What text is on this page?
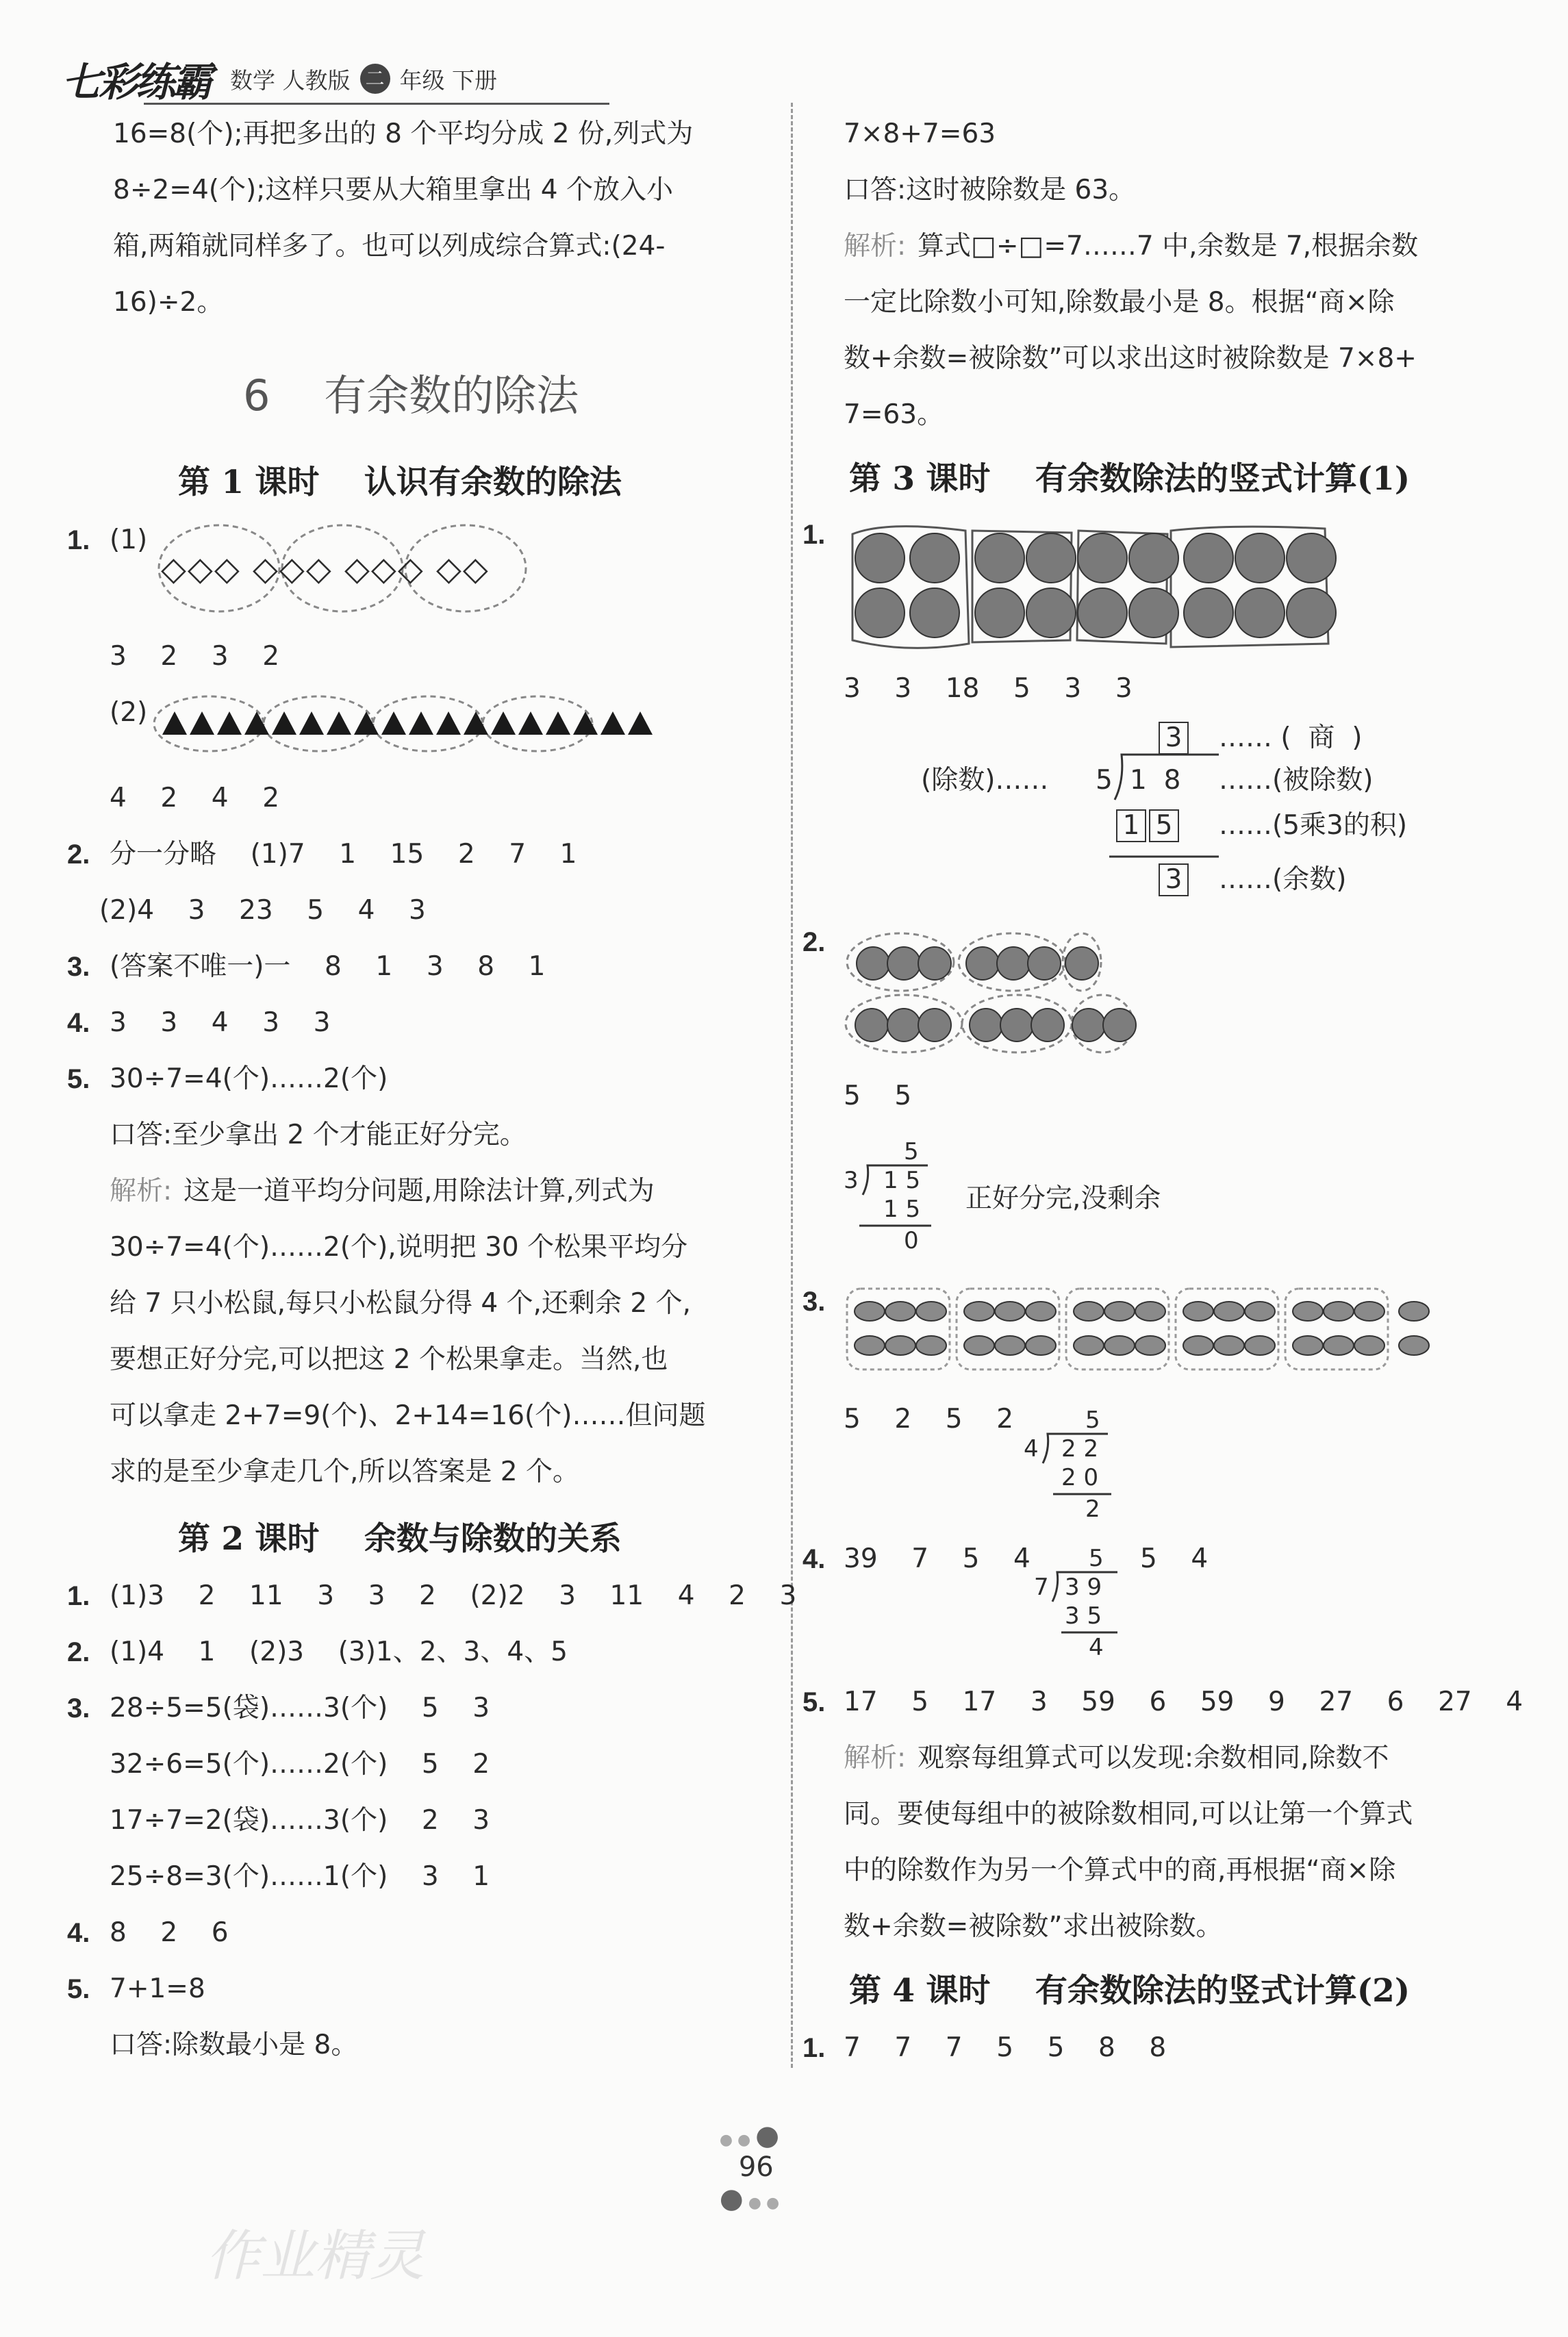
七彩练霸 数学 人教版 二 年级 下册
16=8(个);再把多出的 8 个平均分成 2 份,列式为
8÷2=4(个);这样只要从大箱里拿出 4 个放入小
箱,两箱就同样多了。也可以列成综合算式:(24-
16)÷2。
6    有余数的除法
第 1 课时    认识有余数的除法
1. (1)
◇◇◇ ◇◇◇ ◇◇◇ ◇◇
3    2    3    2
(2)
4    2    4    2
2. 分一分略    (1)7    1    15    2    7    1
(2)4    3    23    5    4    3
3. (答案不唯一)一    8    1    3    8    1
4. 3    3    4    3    3
5. 30÷7=4(个)……2(个)
口答:至少拿出 2 个才能正好分完。
解析: 这是一道平均分问题,用除法计算,列式为
30÷7=4(个)……2(个),说明把 30 个松果平均分
给 7 只小松鼠,每只小松鼠分得 4 个,还剩余 2 个,
要想正好分完,可以把这 2 个松果拿走。当然,也
可以拿走 2+7=9(个)、2+14=16(个)……但问题
求的是至少拿走几个,所以答案是 2 个。
第 2 课时    余数与除数的关系
1. (1)3    2    11    3    3    2    (2)2    3    11    4    2    3
2. (1)4    1    (2)3    (3)1、2、3、4、5
3. 28÷5=5(袋)……3(个)    5    3
32÷6=5(个)……2(个)    5    2
17÷7=2(袋)……3(个)    2    3
25÷8=3(个)……1(个)    3    1
4. 8    2    6
5. 7+1=8
口答:除数最小是 8。
7×8+7=63
口答:这时被除数是 63。
解析: 算式□÷□=7……7 中,余数是 7,根据余数
一定比除数小可知,除数最小是 8。根据“商×除
数+余数=被除数”可以求出这时被除数是 7×8+
7=63。
第 3 课时    有余数除法的竖式计算(1)
1.
3    3    18    5    3    3
3 …… (  商  )
(除数)…… 5 1  8 ……(被除数)
1 5 ……(5乘3的积)
3 ……(余数)
2.
5    5
5
3 1 5
1 5
0
正好分完,没剩余
3.
5    2    5    2	5
4 2 2
2 0
2
4. 39    7    5    4	5
7 3 9
3 5
4
5    4
5. 17    5    17    3    59    6    59    9    27    6    27    4
解析: 观察每组算式可以发现:余数相同,除数不
同。要使每组中的被除数相同,可以让第一个算式
中的除数作为另一个算式中的商,再根据“商×除
数+余数=被除数”求出被除数。
第 4 课时    有余数除法的竖式计算(2)
1. 7    7    7    5    5    8    8

● ● ●
96
● ● ●

作业精灵
